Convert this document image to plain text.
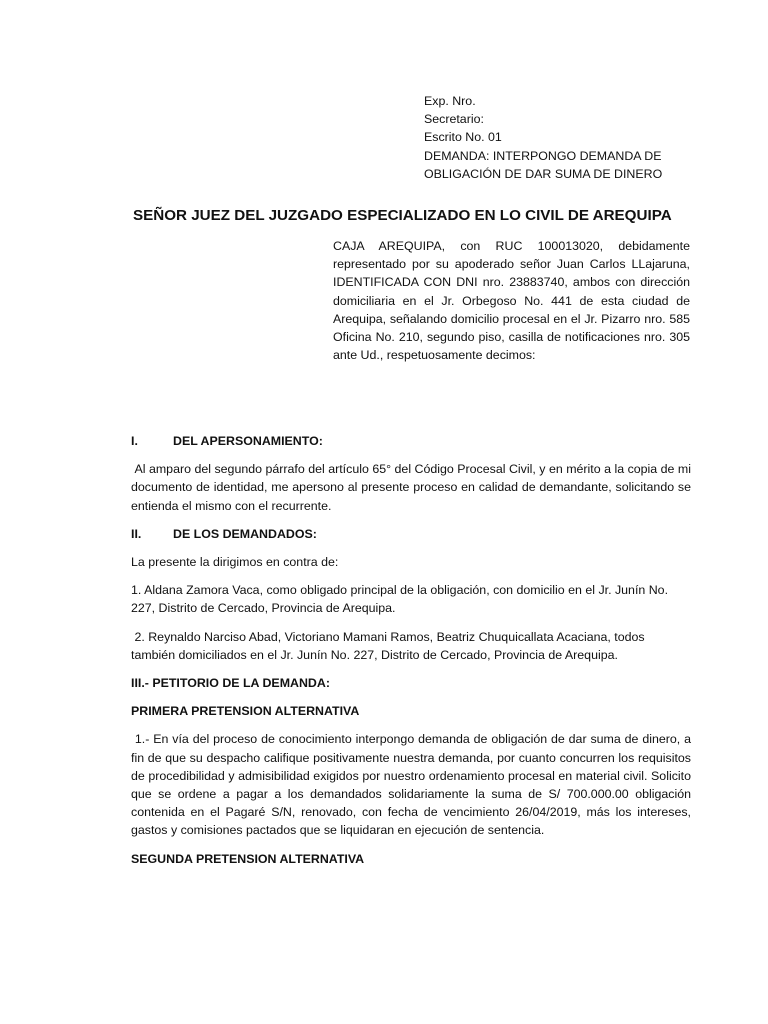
Exp. Nro.
Secretario:
Escrito No. 01
DEMANDA: INTERPONGO DEMANDA DE
OBLIGACIÓN DE DAR SUMA DE DINERO
SEÑOR JUEZ DEL JUZGADO ESPECIALIZADO EN LO CIVIL DE AREQUIPA
CAJA AREQUIPA, con RUC 100013020, debidamente representado por su apoderado señor Juan Carlos LLajaruna, IDENTIFICADA CON DNI nro. 23883740, ambos con dirección domiciliaria en el Jr. Orbegoso No. 441 de esta ciudad de Arequipa, señalando domicilio procesal en el Jr. Pizarro nro. 585 Oficina No. 210, segundo piso, casilla de notificaciones nro. 305 ante Ud., respetuosamente decimos:
I.	DEL APERSONAMIENTO:

Al amparo del segundo párrafo del artículo 65° del Código Procesal Civil, y en mérito a la copia de mi documento de identidad, me apersono al presente proceso en calidad de demandante, solicitando se entienda el mismo con el recurrente.

II.	DE LOS DEMANDADOS:

La presente la dirigimos en contra de:

1. Aldana Zamora Vaca, como obligado principal de la obligación, con domicilio en el Jr. Junín No. 227, Distrito de Cercado, Provincia de Arequipa.

2. Reynaldo Narciso Abad, Victoriano Mamani Ramos, Beatriz Chuquicallata Acaciana, todos también domiciliados en el Jr. Junín No. 227, Distrito de Cercado, Provincia de Arequipa.

III.- PETITORIO DE LA DEMANDA:

PRIMERA PRETENSION ALTERNATIVA

1.- En vía del proceso de conocimiento interpongo demanda de obligación de dar suma de dinero, a fin de que su despacho califique positivamente nuestra demanda, por cuanto concurren los requisitos de procedibilidad y admisibilidad exigidos por nuestro ordenamiento procesal en material civil. Solicito que se ordene a pagar a los demandados solidariamente la suma de S/ 700.000.00 obligación contenida en el Pagaré S/N, renovado, con fecha de vencimiento 26/04/2019, más los intereses, gastos y comisiones pactados que se liquidaran en ejecución de sentencia.

SEGUNDA PRETENSION ALTERNATIVA
